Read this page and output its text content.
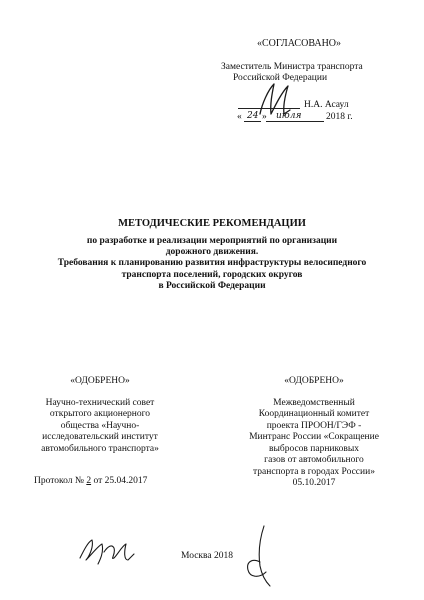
«СОГЛАСОВАНО»
Заместитель Министра транспорта
Российской Федерации
Н.А. Асаул
« 24 » июля	2018 г.
МЕТОДИЧЕСКИЕ РЕКОМЕНДАЦИИ
по разработке и реализации мероприятий по организации
дорожного движения.
Требования к планированию развития инфраструктуры велосипедного
транспорта поселений, городских округов
в Российской Федерации
«ОДОБРЕНО»
Научно-технический совет
открытого акционерного
общества «Научно-
исследовательский институт
автомобильного транспорта»
Протокол № 2 от 25.04.2017
«ОДОБРЕНО»
Межведомственный
Координационный комитет
проекта ПРООН/ГЭФ -
Минтранс России «Сокращение
выбросов парниковых
газов от автомобильного
транспорта в городах России»
05.10.2017
Москва 2018
